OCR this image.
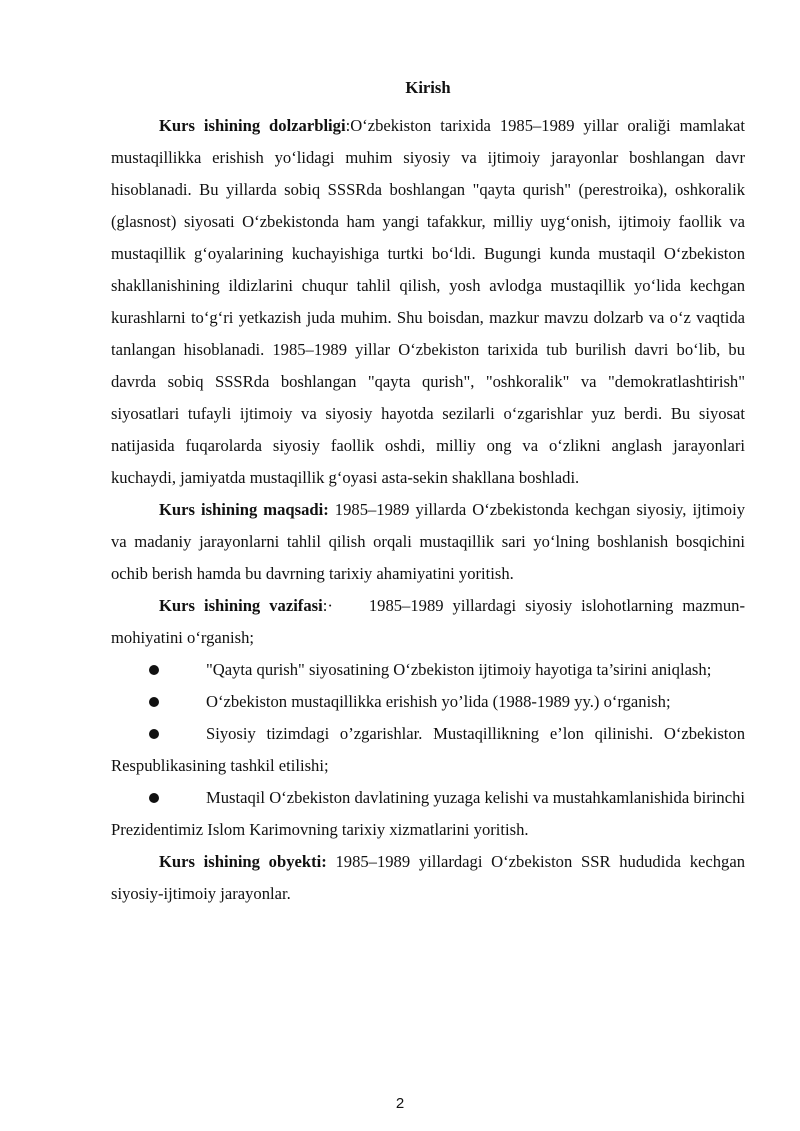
Kirish

Kurs ishining dolzarbligi:O‘zbekiston tarixida 1985–1989 yillar oraliği mamlakat mustaqillikka erishish yo‘lidagi muhim siyosiy va ijtimoiy jarayonlar boshlangan davr hisoblanadi. Bu yillarda sobiq SSSRda boshlangan "qayta qurish" (perestroika), oshkoralik (glasnost) siyosati O‘zbekistonda ham yangi tafakkur, milliy uyg‘onish, ijtimoiy faollik va mustaqillik g‘oyalarining kuchayishiga turtki bo‘ldi. Bugungi kunda mustaqil O‘zbekiston shakllanishining ildizlarini chuqur tahlil qilish, yosh avlodga mustaqillik yo‘lida kechgan kurashlarni to‘g‘ri yetkazish juda muhim. Shu boisdan, mazkur mavzu dolzarb va o‘z vaqtida tanlangan hisoblanadi. 1985–1989 yillar O‘zbekiston tarixida tub burilish davri bo‘lib, bu davrda sobiq SSSRda boshlangan "qayta qurish", "oshkoralik" va "demokratlashtirish" siyosatlari tufayli ijtimoiy va siyosiy hayotda sezilarli o‘zgarishlar yuz berdi. Bu siyosat natijasida fuqarolarda siyosiy faollik oshdi, milliy ong va o‘zlikni anglash jarayonlari kuchaydi, jamiyatda mustaqillik g‘oyasi asta-sekin shakllana boshladi.

Kurs ishining maqsadi: 1985–1989 yillarda O‘zbekistonda kechgan siyosiy, ijtimoiy va madaniy jarayonlarni tahlil qilish orqali mustaqillik sari yo‘lning boshlanish bosqichini ochib berish hamda bu davrning tarixiy ahamiyatini yoritish.

Kurs ishining vazifasi:· 1985–1989 yillardagi siyosiy islohotlarning mazmun-mohiyatini o‘rganish;

"Qayta qurish" siyosatining O‘zbekiston ijtimoiy hayotiga ta’sirini aniqlash;

O‘zbekiston mustaqillikka erishish yo’lida (1988-1989 yy.) o‘rganish;

Siyosiy tizimdagi o’zgarishlar. Mustaqillikning e’lon qilinishi. O‘zbekiston Respublikasining tashkil etilishi;

Mustaqil O‘zbekiston davlatining yuzaga kelishi va mustahkamlanishida birinchi Prezidentimiz Islom Karimovning tarixiy xizmatlarini yoritish.

Kurs ishining obyekti: 1985–1989 yillardagi O‘zbekiston SSR hududida kechgan siyosiy-ijtimoiy jarayonlar.

2
